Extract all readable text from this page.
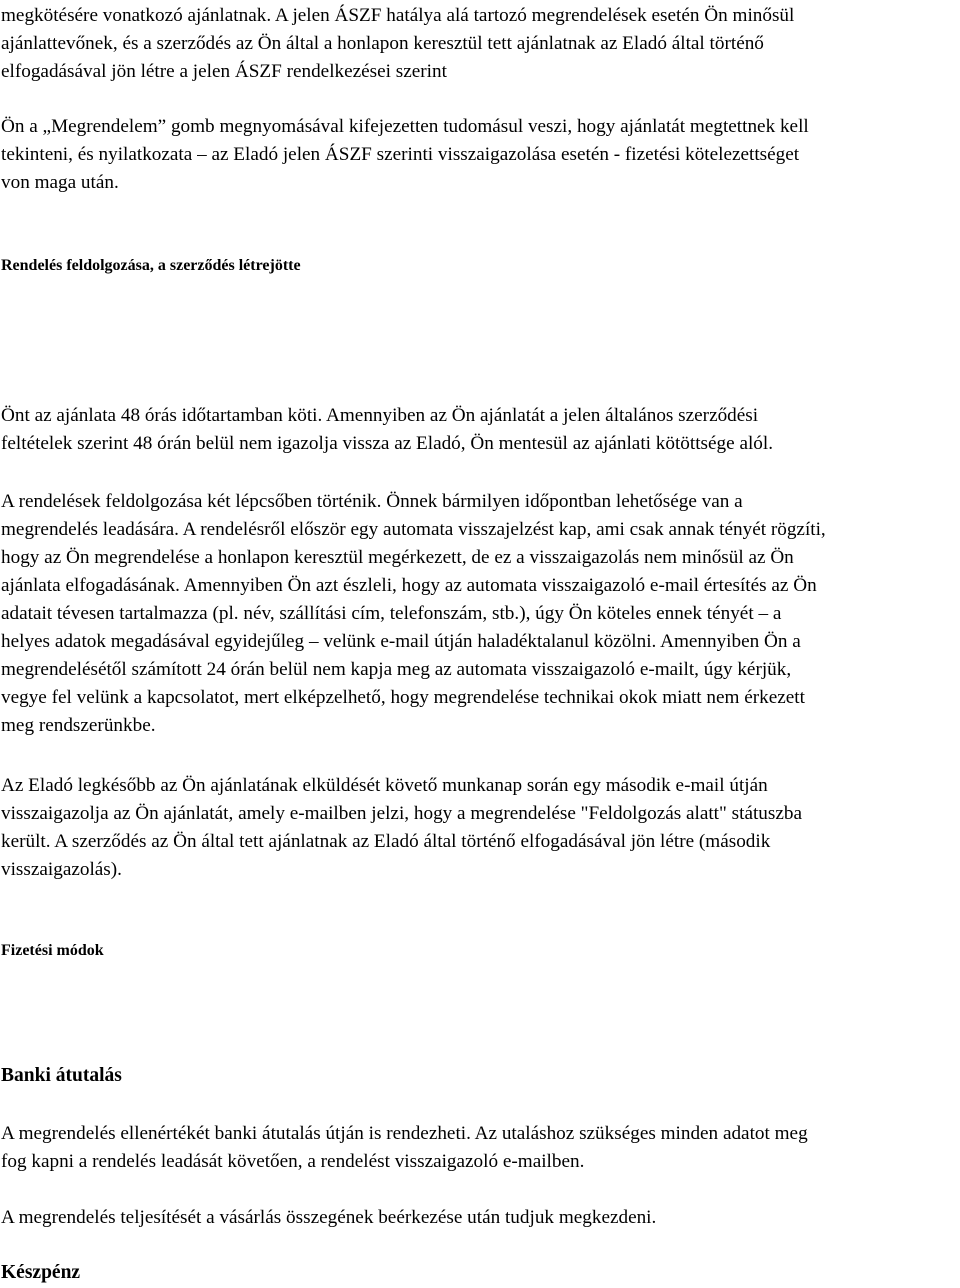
megkötésére vonatkozó ajánlatnak. A jelen ÁSZF hatálya alá tartozó megrendelések esetén Ön minősül
ajánlattevőnek, és a szerződés az Ön által a honlapon keresztül tett ajánlatnak az Eladó által történő
elfogadásával jön létre a jelen ÁSZF rendelkezései szerint

Ön a „Megrendelem” gomb megnyomásával kifejezetten tudomásul veszi, hogy ajánlatát megtettnek kell
tekinteni, és nyilatkozata – az Eladó jelen ÁSZF szerinti visszaigazolása esetén - fizetési kötelezettséget
von maga után.

Rendelés feldolgozása, a szerződés létrejötte

Önt az ajánlata 48 órás időtartamban köti. Amennyiben az Ön ajánlatát a jelen általános szerződési
feltételek szerint 48 órán belül nem igazolja vissza az Eladó, Ön mentesül az ajánlati kötöttsége alól.

A rendelések feldolgozása két lépcsőben történik. Önnek bármilyen időpontban lehetősége van a
megrendelés leadására. A rendelésről először egy automata visszajelzést kap, ami csak annak tényét rögzíti,
hogy az Ön megrendelése a honlapon keresztül megérkezett, de ez a visszaigazolás nem minősül az Ön
ajánlata elfogadásának. Amennyiben Ön azt észleli, hogy az automata visszaigazoló e-mail értesítés az Ön
adatait tévesen tartalmazza (pl. név, szállítási cím, telefonszám, stb.), úgy Ön köteles ennek tényét – a
helyes adatok megadásával egyidejűleg – velünk e-mail útján haladéktalanul közölni. Amennyiben Ön a
megrendelésétől számított 24 órán belül nem kapja meg az automata visszaigazoló e-mailt, úgy kérjük,
vegye fel velünk a kapcsolatot, mert elképzelhető, hogy megrendelése technikai okok miatt nem érkezett
meg rendszerünkbe.

Az Eladó legkésőbb az Ön ajánlatának elküldését követő munkanap során egy második e-mail útján
visszaigazolja az Ön ajánlatát, amely e-mailben jelzi, hogy a megrendelése "Feldolgozás alatt" státuszba
került. A szerződés az Ön által tett ajánlatnak az Eladó által történő elfogadásával jön létre (második
visszaigazolás).

Fizetési módok
Banki átutalás

A megrendelés ellenértékét banki átutalás útján is rendezheti. Az utaláshoz szükséges minden adatot meg
fog kapni a rendelés leadását követően, a rendelést visszaigazoló e-mailben.

A megrendelés teljesítését a vásárlás összegének beérkezése után tudjuk megkezdeni.

Készpénz
